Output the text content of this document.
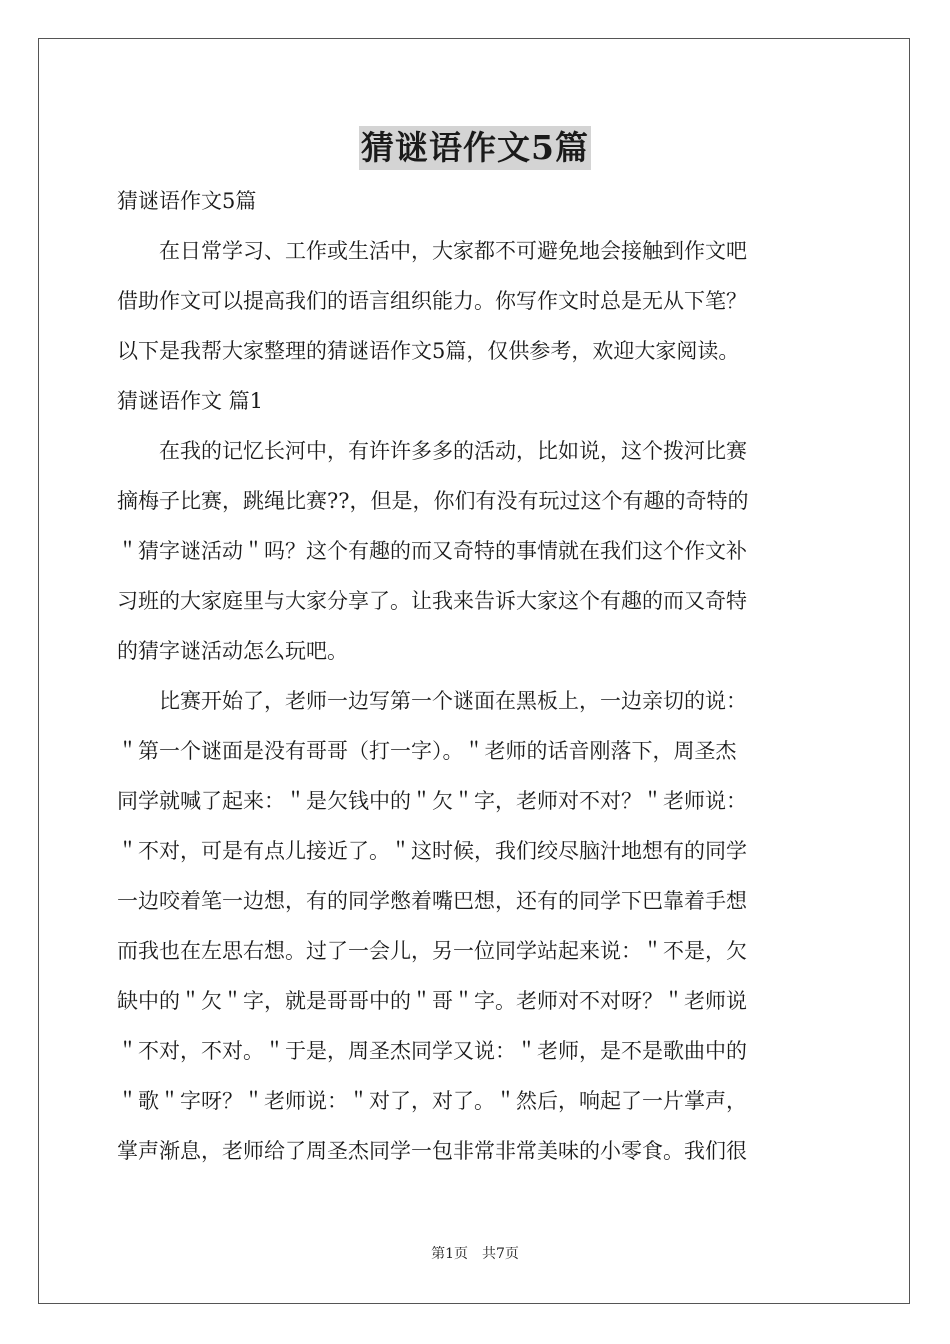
猜谜语作文5篇
猜谜语作文5篇
　　在日常学习、工作或生活中，大家都不可避免地会接触到作文吧
借助作文可以提高我们的语言组织能力。你写作文时总是无从下笔？
以下是我帮大家整理的猜谜语作文5篇，仅供参考，欢迎大家阅读。
猜谜语作文 篇1
　　在我的记忆长河中，有许许多多的活动，比如说，这个拨河比赛
摘梅子比赛，跳绳比赛??，但是，你们有没有玩过这个有趣的奇特的
＂猜字谜活动＂吗？这个有趣的而又奇特的事情就在我们这个作文补
习班的大家庭里与大家分享了。让我来告诉大家这个有趣的而又奇特
的猜字谜活动怎么玩吧。
　　比赛开始了，老师一边写第一个谜面在黑板上，一边亲切的说：
＂第一个谜面是没有哥哥（打一字）。＂老师的话音刚落下，周圣杰
同学就喊了起来：＂是欠钱中的＂欠＂字，老师对不对？＂老师说：
＂不对，可是有点儿接近了。＂这时候，我们绞尽脑汁地想有的同学
一边咬着笔一边想，有的同学憋着嘴巴想，还有的同学下巴靠着手想
而我也在左思右想。过了一会儿，另一位同学站起来说：＂不是，欠
缺中的＂欠＂字，就是哥哥中的＂哥＂字。老师对不对呀？＂老师说
＂不对，不对。＂于是，周圣杰同学又说：＂老师，是不是歌曲中的
＂歌＂字呀？＂老师说：＂对了，对了。＂然后，响起了一片掌声，
掌声渐息，老师给了周圣杰同学一包非常非常美味的小零食。我们很
第1页　共7页
